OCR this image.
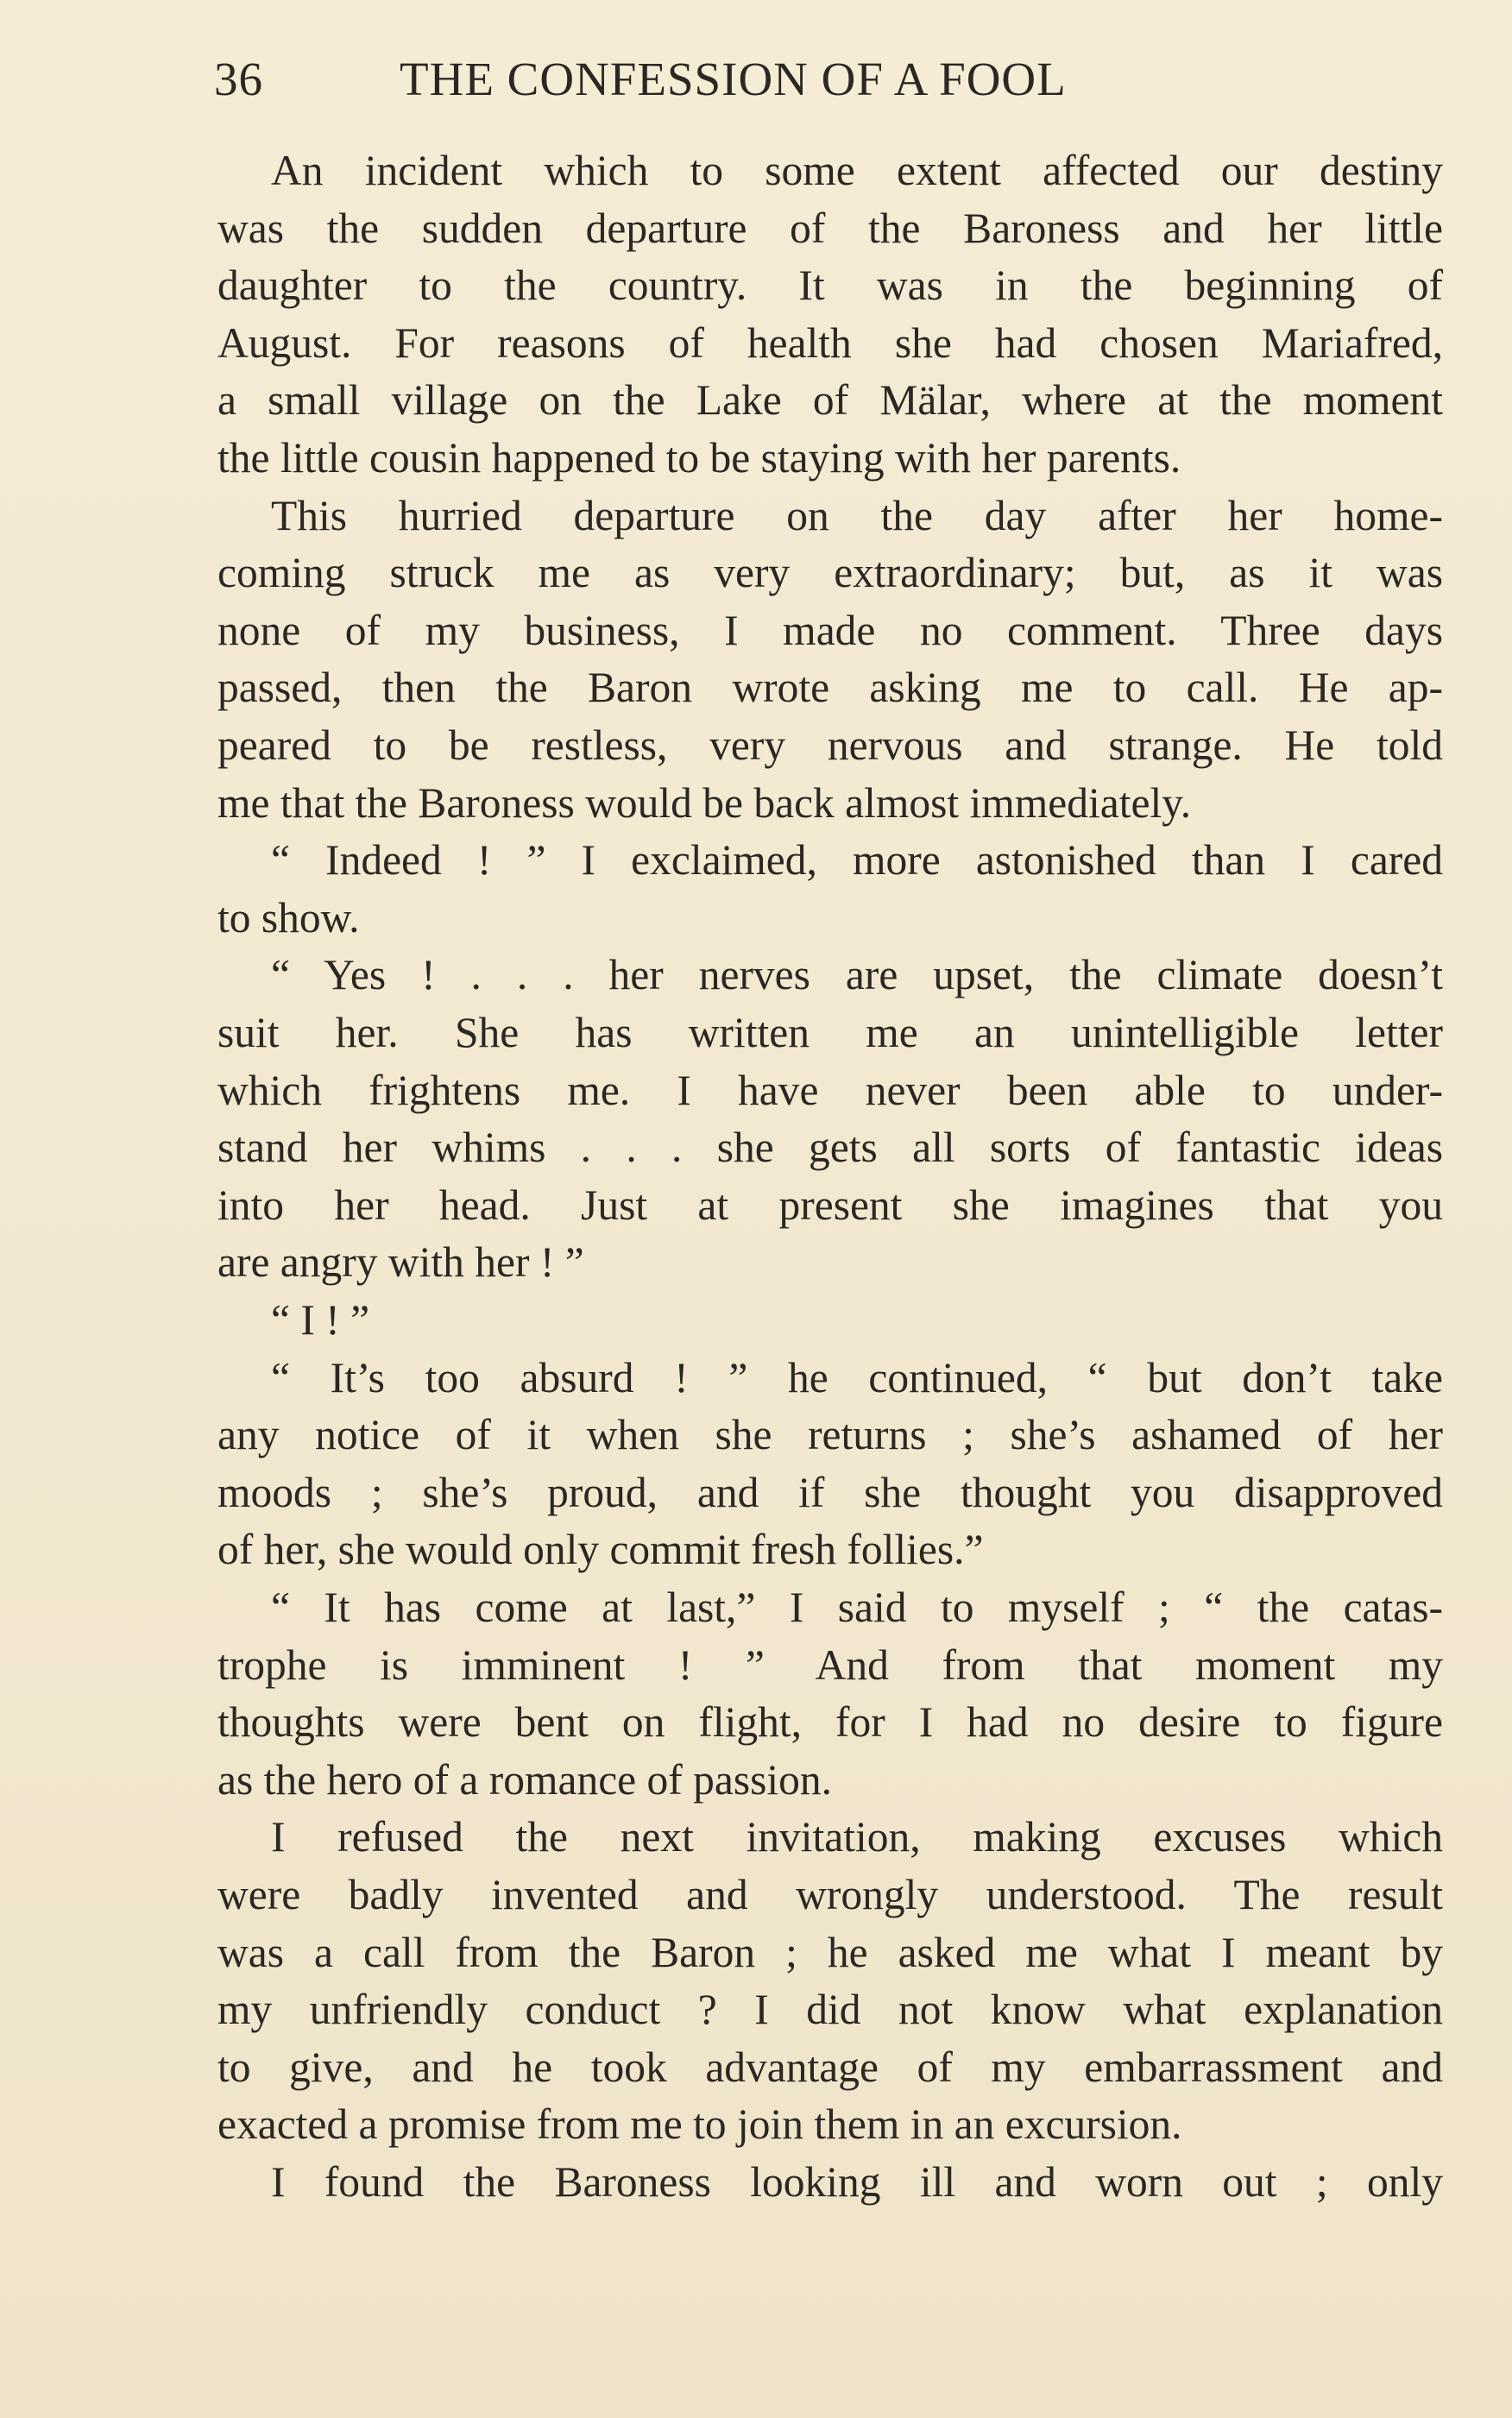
36	THE CONFESSION OF A FOOL
An incident which to some extent affected our destiny
was the sudden departure of the Baroness and her little
daughter to the country. It was in the beginning of
August. For reasons of health she had chosen Mariafred,
a small village on the Lake of Mälar, where at the moment
the little cousin happened to be staying with her parents.
This hurried departure on the day after her home-
coming struck me as very extraordinary; but, as it was
none of my business, I made no comment. Three days
passed, then the Baron wrote asking me to call. He ap-
peared to be restless, very nervous and strange. He told
me that the Baroness would be back almost immediately.
“ Indeed ! ” I exclaimed, more astonished than I cared
to show.
“ Yes ! . . . her nerves are upset, the climate doesn’t
suit her. She has written me an unintelligible letter
which frightens me. I have never been able to under-
stand her whims . . . she gets all sorts of fantastic ideas
into her head. Just at present she imagines that you
are angry with her ! ”
“ I ! ”
“ It’s too absurd ! ” he continued, “ but don’t take
any notice of it when she returns ; she’s ashamed of her
moods ; she’s proud, and if she thought you disapproved
of her, she would only commit fresh follies.”
“ It has come at last,” I said to myself ; “ the catas-
trophe is imminent ! ” And from that moment my
thoughts were bent on flight, for I had no desire to figure
as the hero of a romance of passion.
I refused the next invitation, making excuses which
were badly invented and wrongly understood. The result
was a call from the Baron ; he asked me what I meant by
my unfriendly conduct ? I did not know what explanation
to give, and he took advantage of my embarrassment and
exacted a promise from me to join them in an excursion.
I found the Baroness looking ill and worn out ; only
